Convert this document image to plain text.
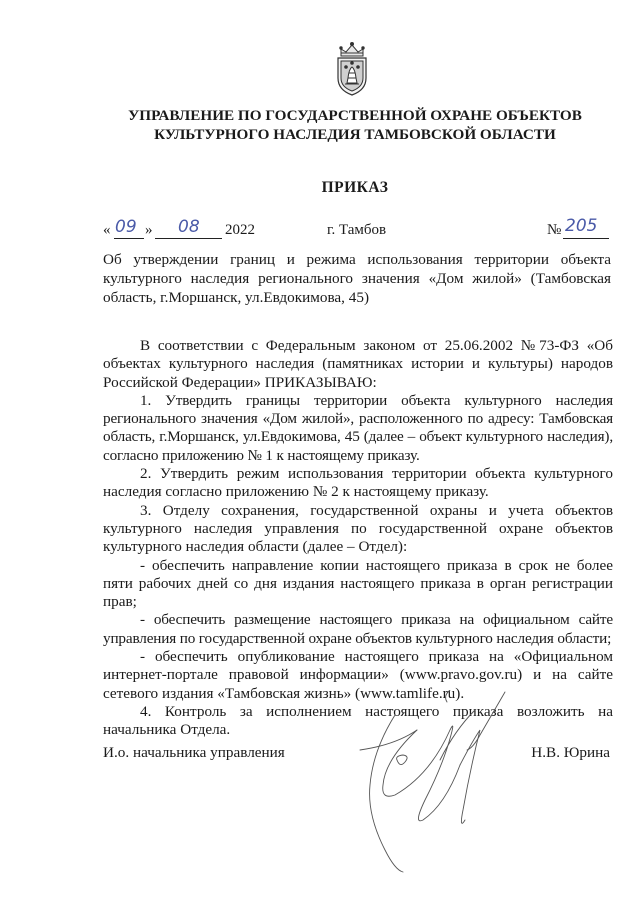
УПРАВЛЕНИЕ ПО ГОСУДАРСТВЕННОЙ ОХРАНЕ ОБЪЕКТОВ
КУЛЬТУРНОГО НАСЛЕДИЯ ТАМБОВСКОЙ ОБЛАСТИ
ПРИКАЗ
« 09 » 08 2022	г. Тамбов	№ 205
Об утверждении границ и режима использования территории объекта культурного наследия регионального значения «Дом жилой» (Тамбовская область, г.Моршанск, ул.Евдокимова, 45)

В соответствии с Федеральным законом от 25.06.2002 №73-ФЗ «Об объектах культурного наследия (памятниках истории и культуры) народов Российской Федерации» ПРИКАЗЫВАЮ:

1. Утвердить границы территории объекта культурного наследия регионального значения «Дом жилой», расположенного по адресу: Тамбовская область, г.Моршанск, ул.Евдокимова, 45 (далее – объект культурного наследия), согласно приложению № 1 к настоящему приказу.

2. Утвердить режим использования территории объекта культурного наследия согласно приложению № 2 к настоящему приказу.

3. Отделу сохранения, государственной охраны и учета объектов культурного наследия управления по государственной охране объектов культурного наследия области (далее – Отдел):

- обеспечить направление копии настоящего приказа в срок не более пяти рабочих дней со дня издания настоящего приказа в орган регистрации прав;

- обеспечить размещение настоящего приказа на официальном сайте управления по государственной охране объектов культурного наследия области;

- обеспечить опубликование настоящего приказа на «Официальном интернет-портале правовой информации» (www.pravo.gov.ru) и на сайте сетевого издания «Тамбовская жизнь» (www.tamlife.ru).

4. Контроль за исполнением настоящего приказа возложить на начальника Отдела.

И.о. начальника управления	Н.В. Юрина
